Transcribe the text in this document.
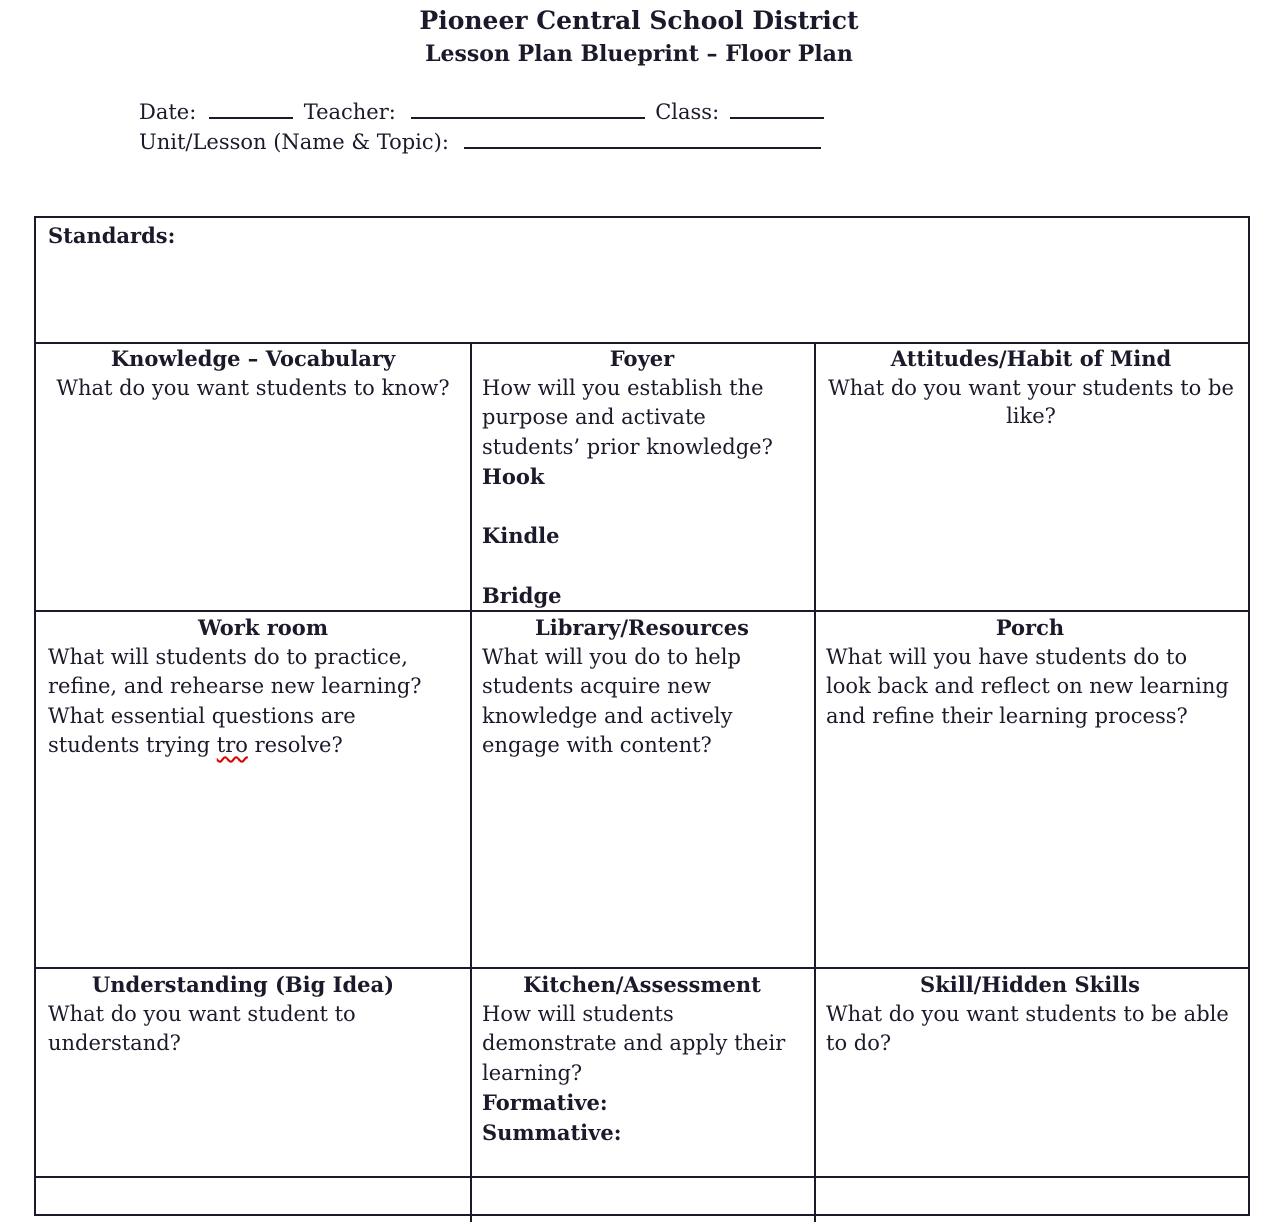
Pioneer Central School District
Lesson Plan Blueprint – Floor Plan
Date:	Teacher:	Class:
Unit/Lesson (Name & Topic):
Standards:
Knowledge – Vocabulary
What do you want students to know?
Foyer
How will you establish the
purpose and activate
students’ prior knowledge?
Hook
Kindle
Bridge
Attitudes/Habit of Mind
What do you want your students to be like?
Work room
What will students do to practice,
refine, and rehearse new learning?
What essential questions are
students trying tro resolve?
Library/Resources
What will you do to help
students acquire new
knowledge and actively
engage with content?
Porch
What will you have students do to
look back and reflect on new learning
and refine their learning process?
Understanding (Big Idea)
What do you want student to
understand?
Kitchen/Assessment
How will students
demonstrate and apply their
learning?
Formative:
Summative:
Skill/Hidden Skills
What do you want students to be able
to do?
